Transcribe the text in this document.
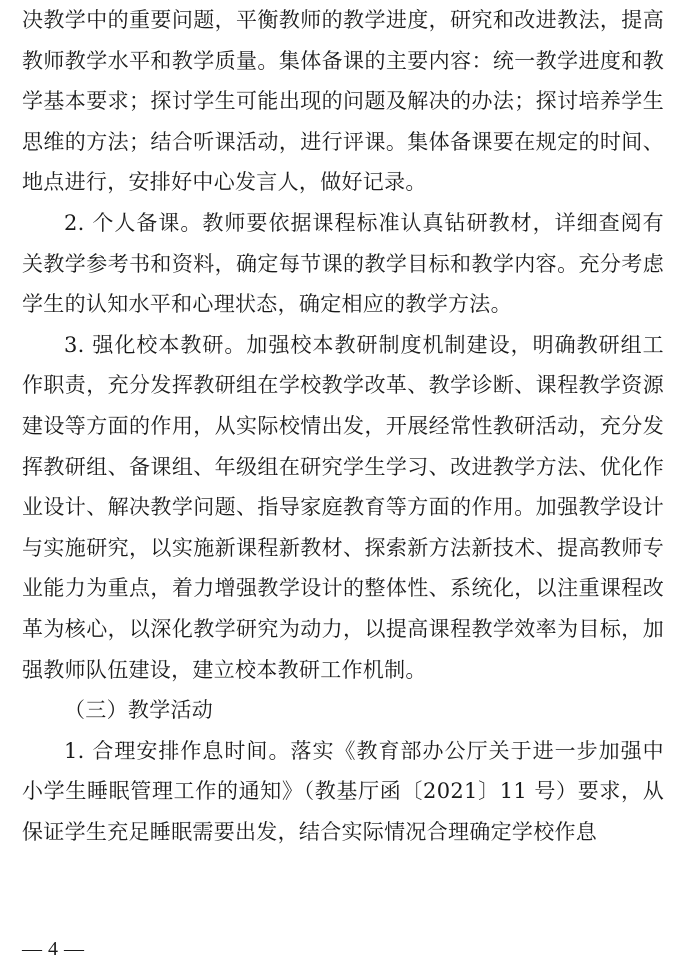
决教学中的重要问题，平衡教师的教学进度，研究和改进教法，提高教师教学水平和教学质量。集体备课的主要内容：统一教学进度和教学基本要求；探讨学生可能出现的问题及解决的办法；探讨培养学生思维的方法；结合听课活动，进行评课。集体备课要在规定的时间、地点进行，安排好中心发言人，做好记录。

2. 个人备课。教师要依据课程标准认真钻研教材，详细查阅有关教学参考书和资料，确定每节课的教学目标和教学内容。充分考虑学生的认知水平和心理状态，确定相应的教学方法。

3. 强化校本教研。加强校本教研制度机制建设，明确教研组工作职责，充分发挥教研组在学校教学改革、教学诊断、课程教学资源建设等方面的作用，从实际校情出发，开展经常性教研活动，充分发挥教研组、备课组、年级组在研究学生学习、改进教学方法、优化作业设计、解决教学问题、指导家庭教育等方面的作用。加强教学设计与实施研究，以实施新课程新教材、探索新方法新技术、提高教师专业能力为重点，着力增强教学设计的整体性、系统化，以注重课程改革为核心，以深化教学研究为动力，以提高课程教学效率为目标，加强教师队伍建设，建立校本教研工作机制。

（三）教学活动

1. 合理安排作息时间。落实《教育部办公厅关于进一步加强中小学生睡眠管理工作的通知》（教基厅函〔2021〕11 号）要求，从保证学生充足睡眠需要出发，结合实际情况合理确定学校作息

— 4 —
